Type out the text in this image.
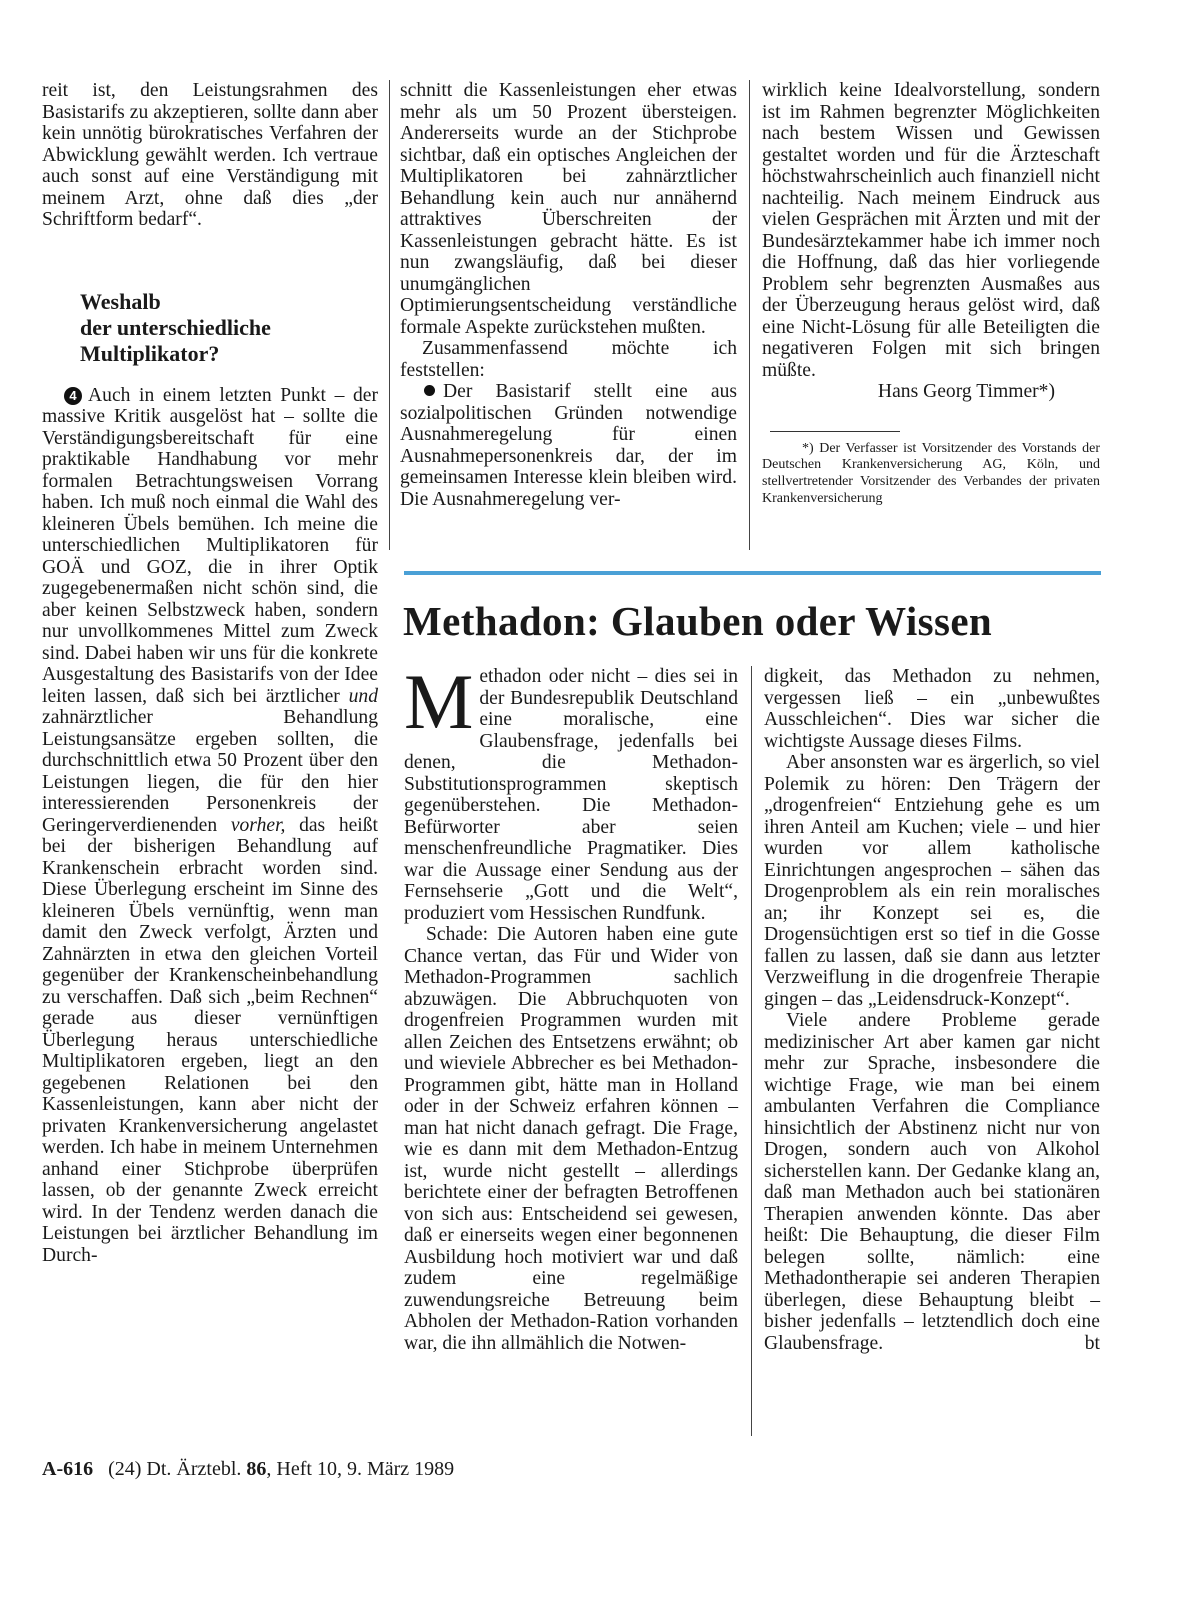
reit ist, den Leistungsrahmen des Basistarifs zu akzeptieren, sollte dann aber kein unnötig bürokratisches Verfahren der Abwicklung gewählt werden. Ich vertraue auch sonst auf eine Verständigung mit meinem Arzt, ohne daß dies „der Schriftform bedarf“.

Weshalb
der unterschiedliche
Multiplikator?

4 Auch in einem letzten Punkt – der massive Kritik ausgelöst hat – sollte die Verständigungsbereitschaft für eine praktikable Handhabung vor mehr formalen Betrachtungsweisen Vorrang haben. Ich muß noch einmal die Wahl des kleineren Übels bemühen. Ich meine die unterschiedlichen Multiplikatoren für GOÄ und GOZ, die in ihrer Optik zugegebenermaßen nicht schön sind, die aber keinen Selbstzweck haben, sondern nur unvollkommenes Mittel zum Zweck sind. Dabei haben wir uns für die konkrete Ausgestaltung des Basistarifs von der Idee leiten lassen, daß sich bei ärztlicher und zahnärztlicher Behandlung Leistungsansätze ergeben sollten, die durchschnittlich etwa 50 Prozent über den Leistungen liegen, die für den hier interessierenden Personenkreis der Geringerverdienenden vorher, das heißt bei der bisherigen Behandlung auf Krankenschein erbracht worden sind. Diese Überlegung erscheint im Sinne des kleineren Übels vernünftig, wenn man damit den Zweck verfolgt, Ärzten und Zahnärzten in etwa den gleichen Vorteil gegenüber der Krankenscheinbehandlung zu verschaffen. Daß sich „beim Rechnen“ gerade aus dieser vernünftigen Überlegung heraus unterschiedliche Multiplikatoren ergeben, liegt an den gegebenen Relationen bei den Kassenleistungen, kann aber nicht der privaten Krankenversicherung angelastet werden. Ich habe in meinem Unternehmen anhand einer Stichprobe überprüfen lassen, ob der genannte Zweck erreicht wird. In der Tendenz werden danach die Leistungen bei ärztlicher Behandlung im Durch-

schnitt die Kassenleistungen eher etwas mehr als um 50 Prozent übersteigen. Andererseits wurde an der Stichprobe sichtbar, daß ein optisches Angleichen der Multiplikatoren bei zahnärztlicher Behandlung kein auch nur annähernd attraktives Überschreiten der Kassenleistungen gebracht hätte. Es ist nun zwangsläufig, daß bei dieser unumgänglichen Optimierungsentscheidung verständliche formale Aspekte zurückstehen mußten.

Zusammenfassend möchte ich feststellen:

Der Basistarif stellt eine aus sozialpolitischen Gründen notwendige Ausnahmeregelung für einen Ausnahmepersonenkreis dar, der im gemeinsamen Interesse klein bleiben wird. Die Ausnahmeregelung ver-

wirklich keine Idealvorstellung, sondern ist im Rahmen begrenzter Möglichkeiten nach bestem Wissen und Gewissen gestaltet worden und für die Ärzteschaft höchstwahrscheinlich auch finanziell nicht nachteilig. Nach meinem Eindruck aus vielen Gesprächen mit Ärzten und mit der Bundesärztekammer habe ich immer noch die Hoffnung, daß das hier vorliegende Problem sehr begrenzten Ausmaßes aus der Überzeugung heraus gelöst wird, daß eine Nicht-Lösung für alle Beteiligten die negativeren Folgen mit sich bringen müßte.

Hans Georg Timmer*)

*) Der Verfasser ist Vorsitzender des Vorstands der Deutschen Krankenversicherung AG, Köln, und stellvertretender Vorsitzender des Verbandes der privaten Krankenversicherung
Methadon: Glauben oder Wissen

Methadon oder nicht – dies sei in der Bundesrepublik Deutschland eine moralische, eine Glaubensfrage, jedenfalls bei denen, die Methadon-Substitutionsprogrammen skeptisch gegenüberstehen. Die Methadon-Befürworter aber seien menschenfreundliche Pragmatiker. Dies war die Aussage einer Sendung aus der Fernsehserie „Gott und die Welt“, produziert vom Hessischen Rundfunk.

Schade: Die Autoren haben eine gute Chance vertan, das Für und Wider von Methadon-Programmen sachlich abzuwägen. Die Abbruchquoten von drogenfreien Programmen wurden mit allen Zeichen des Entsetzens erwähnt; ob und wieviele Abbrecher es bei Methadon-Programmen gibt, hätte man in Holland oder in der Schweiz erfahren können – man hat nicht danach gefragt. Die Frage, wie es dann mit dem Methadon-Entzug ist, wurde nicht gestellt – allerdings berichtete einer der befragten Betroffenen von sich aus: Entscheidend sei gewesen, daß er einerseits wegen einer begonnenen Ausbildung hoch motiviert war und daß zudem eine regelmäßige zuwendungsreiche Betreuung beim Abholen der Methadon-Ration vorhanden war, die ihn allmählich die Notwen-

digkeit, das Methadon zu nehmen, vergessen ließ – ein „unbewußtes Ausschleichen“. Dies war sicher die wichtigste Aussage dieses Films.

Aber ansonsten war es ärgerlich, so viel Polemik zu hören: Den Trägern der „drogenfreien“ Entziehung gehe es um ihren Anteil am Kuchen; viele – und hier wurden vor allem katholische Einrichtungen angesprochen – sähen das Drogenproblem als ein rein moralisches an; ihr Konzept sei es, die Drogensüchtigen erst so tief in die Gosse fallen zu lassen, daß sie dann aus letzter Verzweiflung in die drogenfreie Therapie gingen – das „Leidensdruck-Konzept“.

Viele andere Probleme gerade medizinischer Art aber kamen gar nicht mehr zur Sprache, insbesondere die wichtige Frage, wie man bei einem ambulanten Verfahren die Compliance hinsichtlich der Abstinenz nicht nur von Drogen, sondern auch von Alkohol sicherstellen kann. Der Gedanke klang an, daß man Methadon auch bei stationären Therapien anwenden könnte. Das aber heißt: Die Behauptung, die dieser Film belegen sollte, nämlich: eine Methadontherapie sei anderen Therapien überlegen, diese Behauptung bleibt – bisher jedenfalls – letztendlich doch eine Glaubensfrage.	bt

A-616 (24) Dt. Ärztebl. 86, Heft 10, 9. März 1989
